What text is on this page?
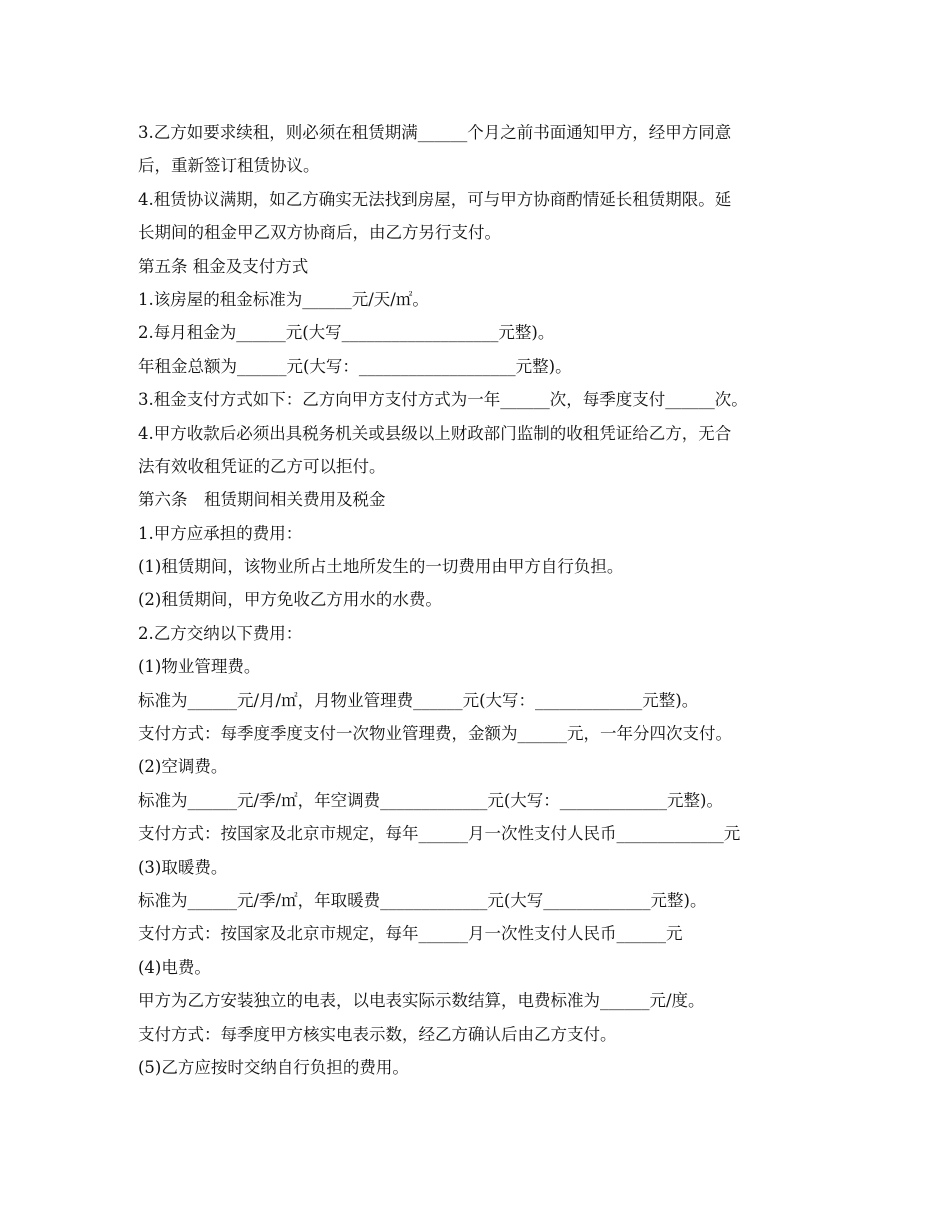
3.乙方如要求续租，则必须在租赁期满______个月之前书面通知甲方，经甲方同意
后，重新签订租赁协议。
4.租赁协议满期，如乙方确实无法找到房屋，可与甲方协商酌情延长租赁期限。延
长期间的租金甲乙双方协商后，由乙方另行支付。
第五条 租金及支付方式
1.该房屋的租金标准为______元/天/㎡。
2.每月租金为______元(大写___________________元整)。
年租金总额为______元(大写：___________________元整)。
3.租金支付方式如下：乙方向甲方支付方式为一年______次，每季度支付______次。
4.甲方收款后必须出具税务机关或县级以上财政部门监制的收租凭证给乙方，无合
法有效收租凭证的乙方可以拒付。
第六条　租赁期间相关费用及税金
1.甲方应承担的费用：
(1)租赁期间，该物业所占土地所发生的一切费用由甲方自行负担。
(2)租赁期间，甲方免收乙方用水的水费。
2.乙方交纳以下费用：
(1)物业管理费。
标准为______元/月/㎡，月物业管理费______元(大写：_____________元整)。
支付方式：每季度季度支付一次物业管理费，金额为______元，一年分四次支付。
(2)空调费。
标准为______元/季/㎡，年空调费_____________元(大写：_____________元整)。
支付方式：按国家及北京市规定，每年______月一次性支付人民币_____________元
(3)取暖费。
标准为______元/季/㎡，年取暖费_____________元(大写_____________元整)。
支付方式：按国家及北京市规定，每年______月一次性支付人民币______元
(4)电费。
甲方为乙方安装独立的电表，以电表实际示数结算，电费标准为______元/度。
支付方式：每季度甲方核实电表示数，经乙方确认后由乙方支付。
(5)乙方应按时交纳自行负担的费用。
